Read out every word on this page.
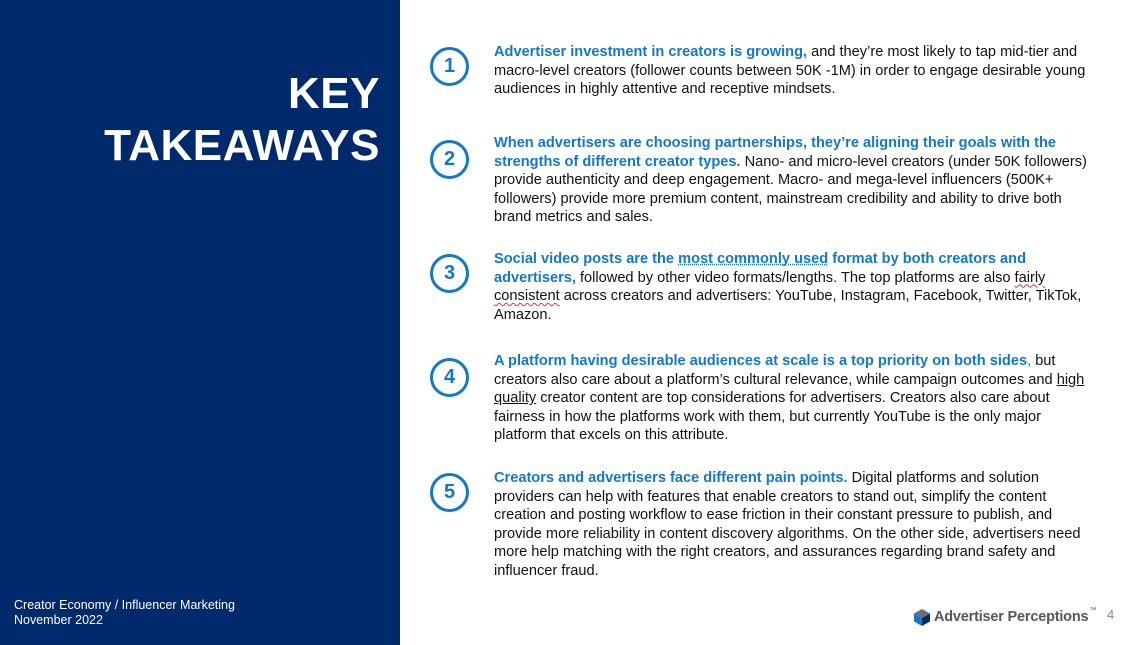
KEY
TAKEAWAYS
Creator Economy / Influencer Marketing
November 2022
1
Advertiser investment in creators is growing, and they’re most likely to tap mid-tier and macro-level creators (follower counts between 50K -1M) in order to engage desirable young audiences in highly attentive and receptive mindsets.
2
When advertisers are choosing partnerships, they’re aligning their goals with the strengths of different creator types. Nano- and micro-level creators (under 50K followers) provide authenticity and deep engagement. Macro- and mega-level influencers (500K+ followers) provide more premium content, mainstream credibility and ability to drive both brand metrics and sales.
3
Social video posts are the most commonly used format by both creators and advertisers, followed by other video formats/lengths. The top platforms are also fairly consistent across creators and advertisers: YouTube, Instagram, Facebook, Twitter, TikTok, Amazon.
4
A platform having desirable audiences at scale is a top priority on both sides, but creators also care about a platform’s cultural relevance, while campaign outcomes and high quality creator content are top considerations for advertisers. Creators also care about fairness in how the platforms work with them, but currently YouTube is the only major platform that excels on this attribute.
5
Creators and advertisers face different pain points. Digital platforms and solution providers can help with features that enable creators to stand out, simplify the content creation and posting workflow to ease friction in their constant pressure to publish, and provide more reliability in content discovery algorithms. On the other side, advertisers need more help matching with the right creators, and assurances regarding brand safety and influencer fraud.
Advertiser Perceptions ™ 4
